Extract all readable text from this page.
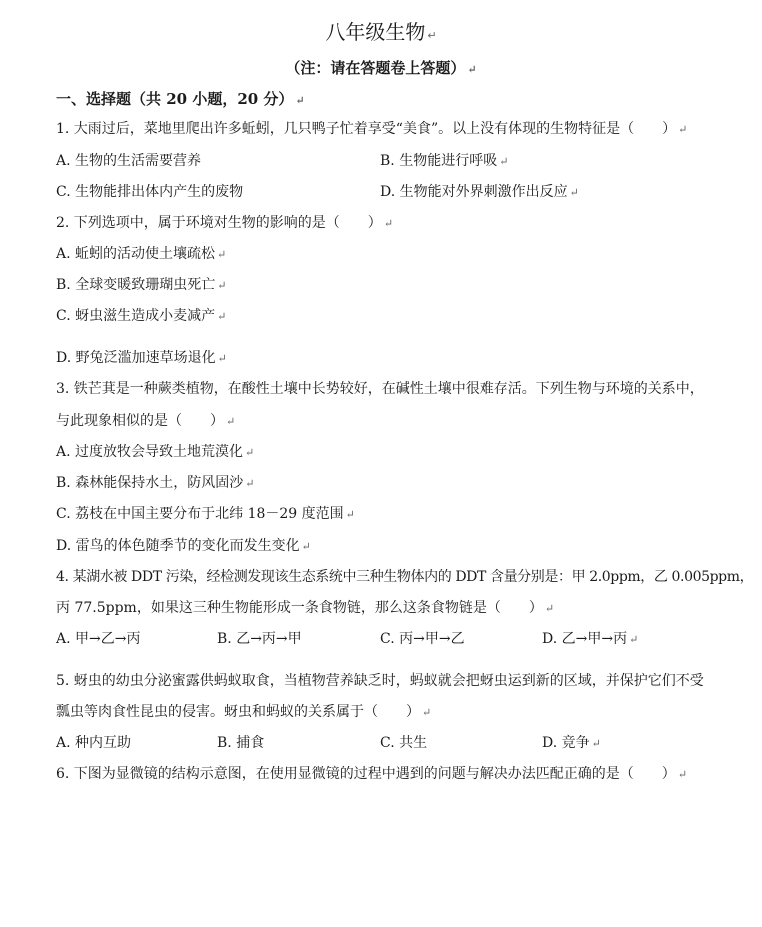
八年级生物 ↵
（注：请在答题卷上答题） ↵
一、选择题（共 20 小题，20 分） ↵
1. 大雨过后，菜地里爬出许多蚯蚓，几只鸭子忙着享受“美食”。以上没有体现的生物特征是（　　） ↵
A. 生物的生活需要营养	B. 生物能进行呼吸 ↵
C. 生物能排出体内产生的废物	D. 生物能对外界刺激作出反应 ↵
2. 下列选项中，属于环境对生物的影响的是（　　） ↵
A. 蚯蚓的活动使土壤疏松 ↵
B. 全球变暖致珊瑚虫死亡 ↵
C. 蚜虫滋生造成小麦减产 ↵
D. 野兔泛滥加速草场退化 ↵
3. 铁芒萁是一种蕨类植物，在酸性土壤中长势较好，在碱性土壤中很难存活。下列生物与环境的关系中，
与此现象相似的是（　　） ↵
A. 过度放牧会导致土地荒漠化 ↵
B. 森林能保持水土，防风固沙 ↵
C. 荔枝在中国主要分布于北纬 18－29 度范围 ↵
D. 雷鸟的体色随季节的变化而发生变化 ↵
4. 某湖水被 DDT 污染，经检测发现该生态系统中三种生物体内的 DDT 含量分别是：甲 2.0ppm，乙 0.005ppm，
丙 77.5ppm，如果这三种生物能形成一条食物链，那么这条食物链是（　　） ↵
A. 甲→乙→丙	B. 乙→丙→甲	C. 丙→甲→乙	D. 乙→甲→丙 ↵
5. 蚜虫的幼虫分泌蜜露供蚂蚁取食，当植物营养缺乏时，蚂蚁就会把蚜虫运到新的区域，并保护它们不受
瓢虫等肉食性昆虫的侵害。蚜虫和蚂蚁的关系属于（　　） ↵
A. 种内互助	B. 捕食	C. 共生	D. 竞争 ↵
6. 下图为显微镜的结构示意图，在使用显微镜的过程中遇到的问题与解决办法匹配正确的是（　　） ↵
